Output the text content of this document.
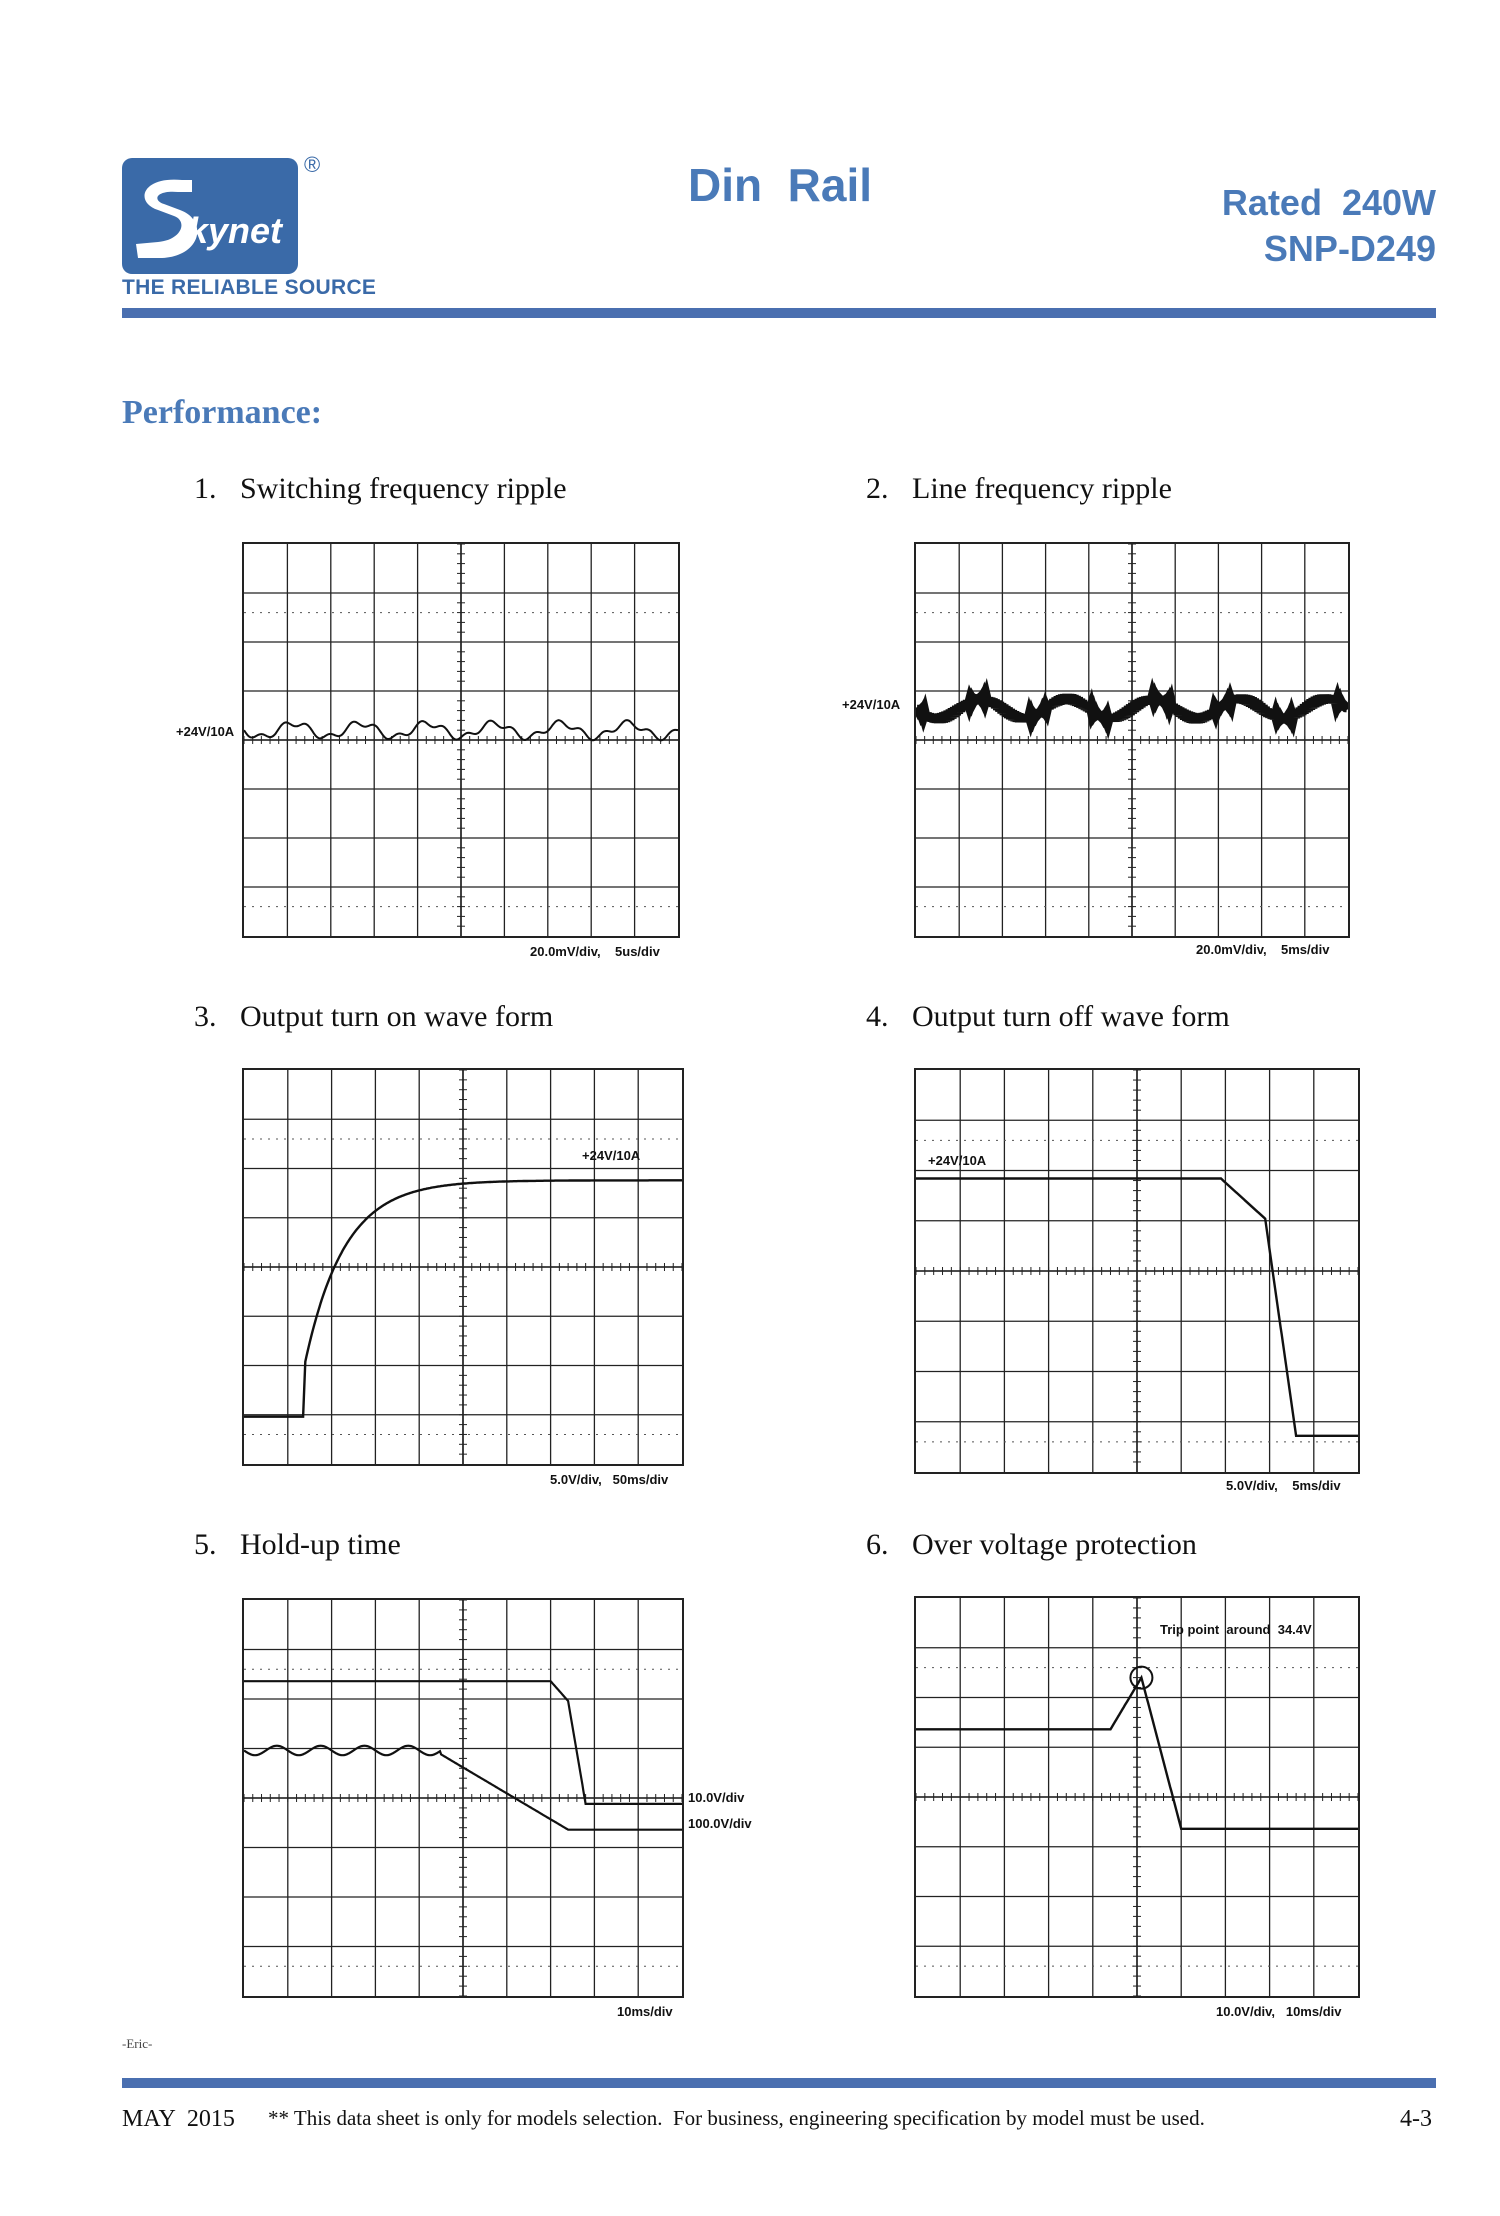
kynet
®
THE RELIABLE SOURCE
Din  Rail	Rated  240W
SNP-D249
Performance:
1. Switching frequency ripple
+24V/10A
20.0mV/div,    5us/div
2. Line frequency ripple
+24V/10A
20.0mV/div,    5ms/div
3. Output turn on wave form
+24V/10A
5.0V/div,   50ms/div
4. Output turn off wave form
+24V/10A
5.0V/div,    5ms/div
5. Hold-up time
10.0V/div
100.0V/div
10ms/div
6. Over voltage protection
Trip point  around  34.4V
10.0V/div,   10ms/div
-Eric-
MAY  2015 ** This data sheet is only for models selection.  For business, engineering specification by model must be used.	4-3
